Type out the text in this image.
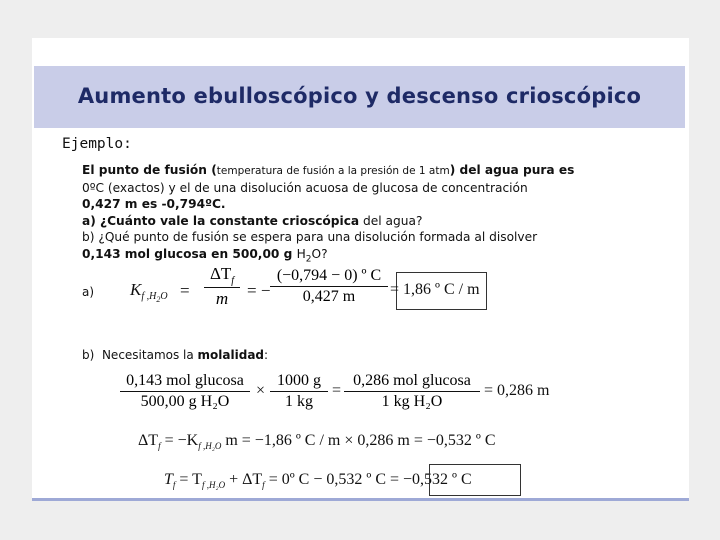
Aumento ebulloscópico y descenso crioscópico
Ejemplo:
El punto de fusión (temperatura de fusión a la presión de 1 atm) del agua pura es
0ºC (exactos) y el de una disolución acuosa de glucosa de concentración
0,427 m es -0,794ºC.
a) ¿Cuánto vale la constante crioscópica del agua?
b) ¿Qué punto de fusión se espera para una disolución formada al disolver
0,143 mol glucosa en 500,00 g $H_2O$?
a) $K_{f ,H_2O}$ =
$\Delta T_f$
m	= −
(−0,794 − 0) º C
0,427 m	= 1,86 º C / m
b) Necesitamos la molalidad:
0,143 mol glucosa
500,00 g H₂O
×
1000 g
1 kg
=
0,286 mol glucosa
1 kg H₂O
= 0,286 m
$\Delta T_f = -K_{f ,H_2O}$ m = −1,86 º C / m × 0,286 m = −0,532 º C
$T_f = T_{f ,H_2O} + \Delta T_f$ = 0º C − 0,532 º C = −0,532 º C
